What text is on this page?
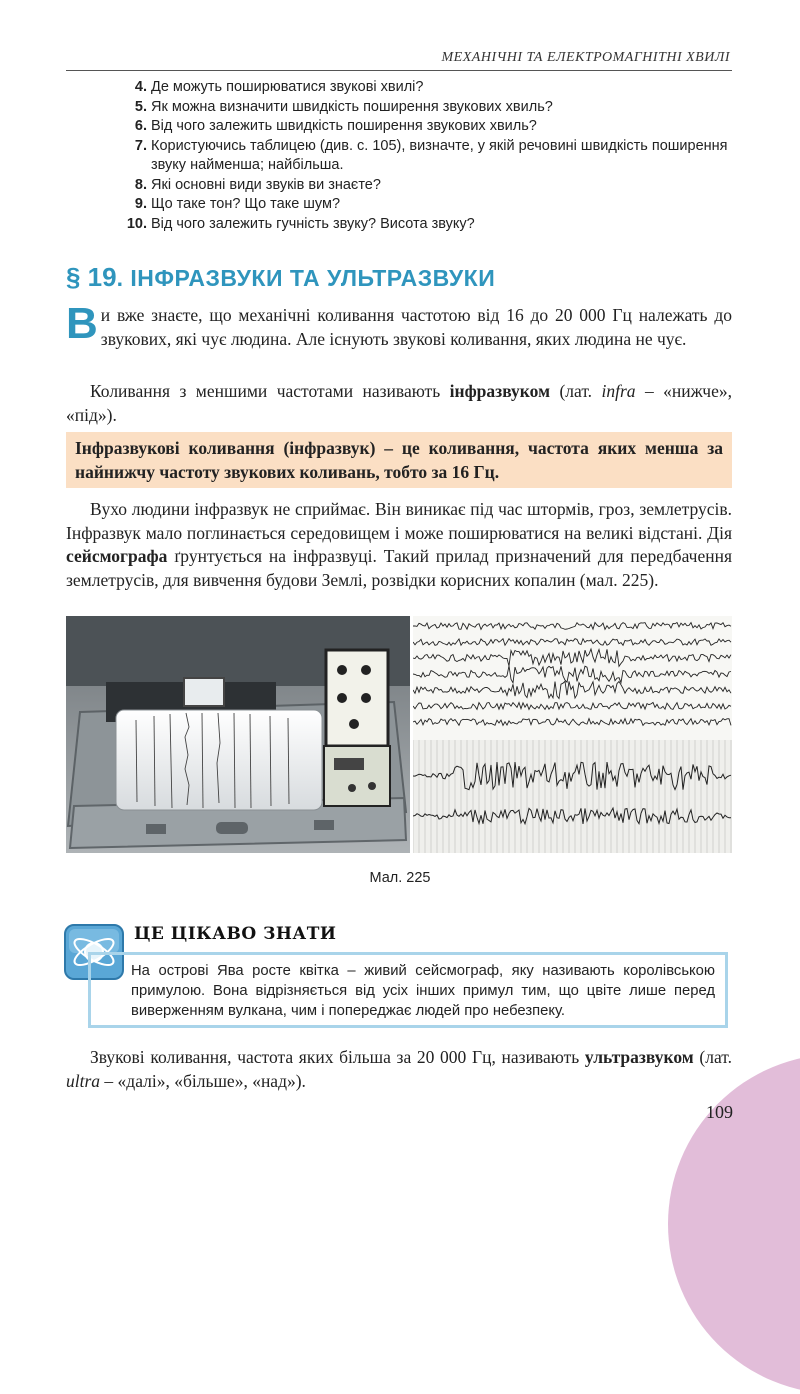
МЕХАНІЧНІ ТА ЕЛЕКТРОМАГНІТНІ ХВИЛІ
4. Де можуть поширюватися звукові хвилі?
5. Як можна визначити швидкість поширення звукових хвиль?
6. Від чого залежить швидкість поширення звукових хвиль?
7. Користуючись таблицею (див. с. 105), визначте, у якій речовині швидкість поширення звуку найменша; найбільша.
8. Які основні види звуків ви знаєте?
9. Що таке тон? Що таке шум?
10. Від чого залежить гучність звуку? Висота звуку?
§ 19. ІНФРАЗВУКИ ТА УЛЬТРАЗВУКИ
Ви вже знаєте, що механічні коливання частотою від 16 до 20 000 Гц належать до звукових, які чує людина. Але існують звукові коливання, яких людина не чує.
Коливання з меншими частотами називають інфразвуком (лат. infra – «нижче», «під»).

Інфразвукові коливання (інфразвук) – це коливання, частота яких менша за найнижчу частоту звукових коливань, тобто за 16 Гц.

Вухо людини інфразвук не сприймає. Він виникає під час штормів, гроз, землетрусів. Інфразвук мало поглинається середовищем і може поширюватися на великі відстані. Дія сейсмографа ґрунтується на інфразвуці. Такий прилад призначений для передбачення землетрусів, для вивчення будови Землі, розвідки корисних копалин (мал. 225).
Мал. 225
ЦЕ ЦІКАВО ЗНАТИ

На острові Ява росте квітка – живий сейсмограф, яку називають королівською примулою. Вона відрізняється від усіх інших примул тим, що цвіте лише перед виверженням вулкана, чим і попереджає людей про небезпеку.

Звукові коливання, частота яких більша за 20 000 Гц, називають ультразвуком (лат. ultra – «далі», «більше», «над»).
109
